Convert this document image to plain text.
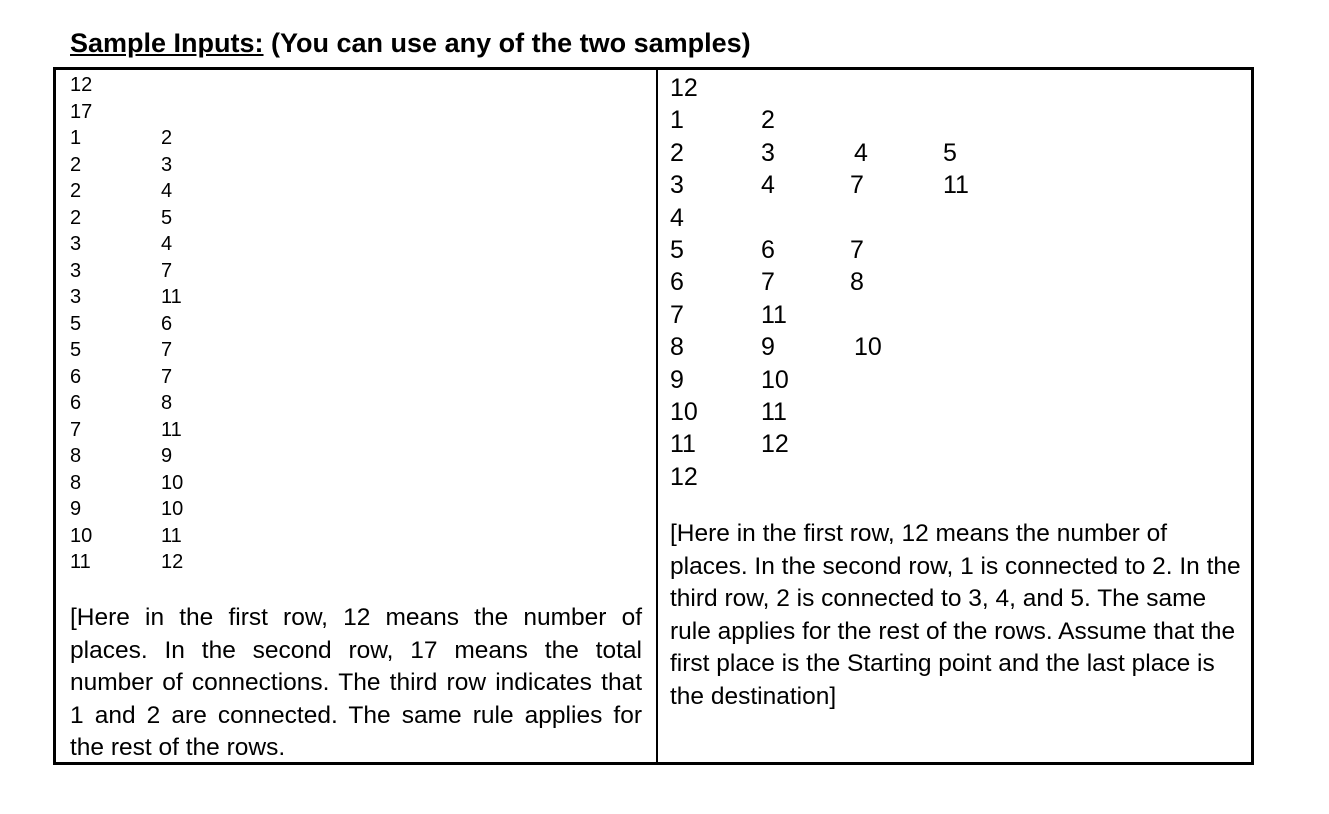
Sample Inputs: (You can use any of the two samples)
[Here in the first row, 12 means the number of places. In the second row, 17 means the total number of connections. The third row indicates that 1 and 2 are connected. The same rule applies for the rest of the rows.
12
17
1	2
2	3
2	4
2	5
3	4
3	7
3	11
5	6
5	7
6	7
6	8
7	11
8	9
8	10
9	10
10	11
11	12
[Here in the first row, 12 means the number of places. In the second row, 1 is connected to 2. In the third row, 2 is connected to 3, 4, and 5. The same rule applies for the rest of the rows. Assume that the first place is the Starting point and the last place is the destination]
12
1	2
2	3	4	5
3	4	7	11
4
5	6	7
6	7	8
7	11
8	9	10
9	10
10	11
11	12
12
